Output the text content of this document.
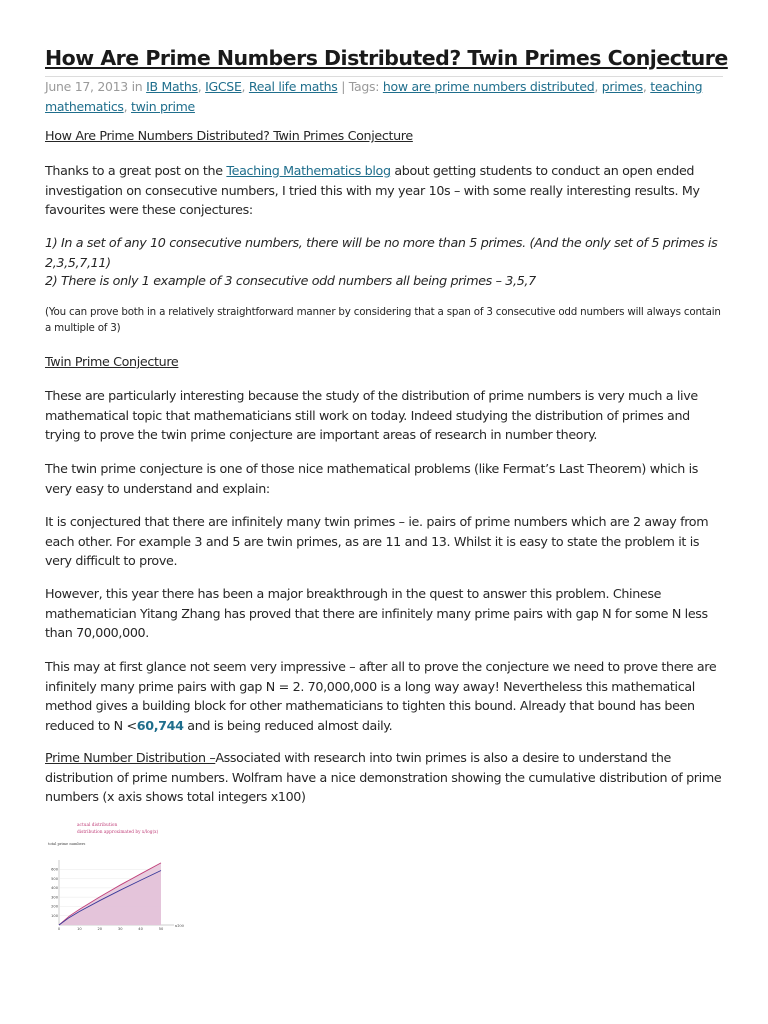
How Are Prime Numbers Distributed? Twin Primes Conjecture
June 17, 2013 in IB Maths, IGCSE, Real life maths | Tags: how are prime numbers distributed, primes, teaching mathematics, twin prime
How Are Prime Numbers Distributed? Twin Primes Conjecture
Thanks to a great post on the Teaching Mathematics blog about getting students to conduct an open ended investigation on consecutive numbers, I tried this with my year 10s – with some really interesting results. My favourites were these conjectures:
1) In a set of any 10 consecutive numbers, there will be no more than 5 primes. (And the only set of 5 primes is 2,3,5,7,11)
2) There is only 1 example of 3 consecutive odd numbers all being primes – 3,5,7
(You can prove both in a relatively straightforward manner by considering that a span of 3 consecutive odd numbers will always contain a multiple of 3)
Twin Prime Conjecture
These are particularly interesting because the study of the distribution of prime numbers is very much a live mathematical topic that mathematicians still work on today. Indeed studying the distribution of primes and trying to prove the twin prime conjecture are important areas of research in number theory.
The twin prime conjecture is one of those nice mathematical problems (like Fermat’s Last Theorem) which is very easy to understand and explain:
It is conjectured that there are infinitely many twin primes – ie. pairs of prime numbers which are 2 away from each other. For example 3 and 5 are twin primes, as are 11 and 13. Whilst it is easy to state the problem it is very difficult to prove.
However, this year there has been a major breakthrough in the quest to answer this problem. Chinese mathematician Yitang Zhang has proved that there are infinitely many prime pairs with gap N for some N less than 70,000,000.
This may at first glance not seem very impressive – after all to prove the conjecture we need to prove there are infinitely many prime pairs with gap N = 2. 70,000,000 is a long way away! Nevertheless this mathematical method gives a building block for other mathematicians to tighten this bound. Already that bound has been reduced to N <60,744 and is being reduced almost daily.
Prime Number Distribution –Associated with research into twin primes is also a desire to understand the distribution of prime numbers. Wolfram have a nice demonstration showing the cumulative distribution of prime numbers (x axis shows total integers x100)
actual distribution
distribution approximated by x/log(x)
total prime numbers
100
200
300
400
500
600
0	10	20	30	40	50
x100
